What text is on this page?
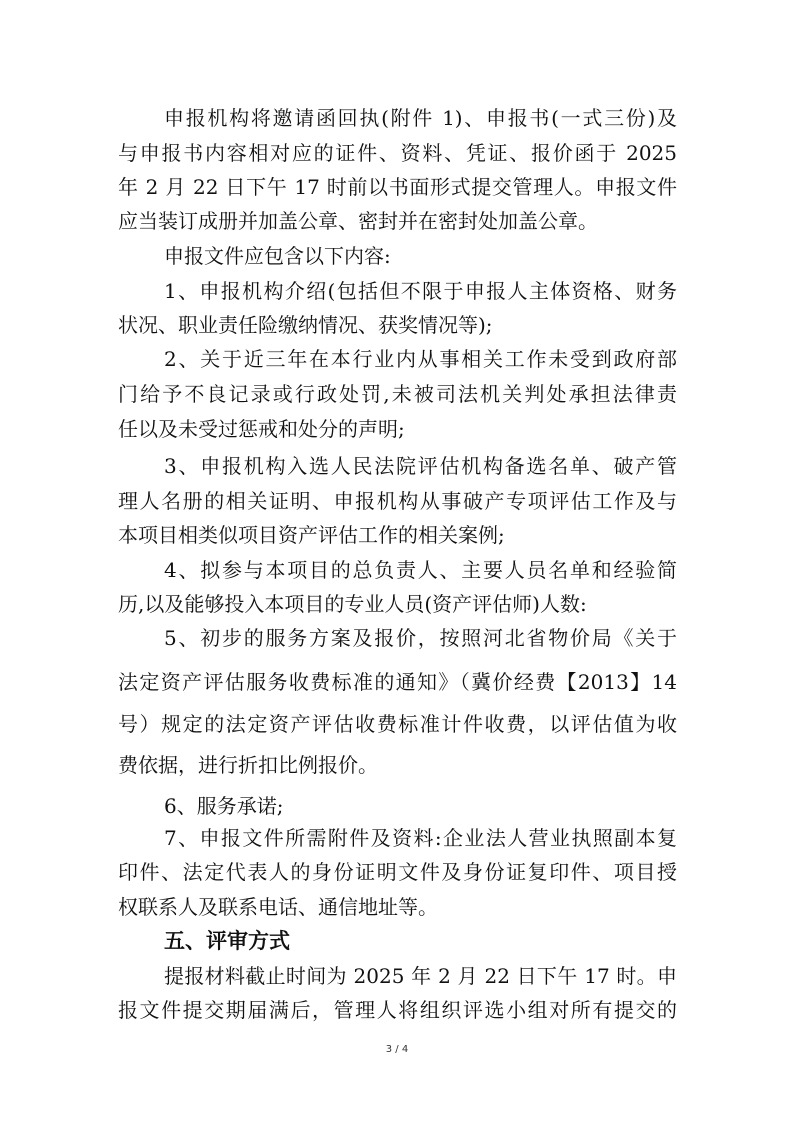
申报机构将邀请函回执(附件 1)、申报书(一式三份)及
与申报书内容相对应的证件、资料、凭证、报价函于 2025
年 2 月 22 日下午 17 时前以书面形式提交管理人。申报文件
应当装订成册并加盖公章、密封并在密封处加盖公章。
申报文件应包含以下内容:
1、申报机构介绍(包括但不限于申报人主体资格、财务
状况、职业责任险缴纳情况、获奖情况等);
2、关于近三年在本行业内从事相关工作未受到政府部
门给予不良记录或行政处罚,未被司法机关判处承担法律责
任以及未受过惩戒和处分的声明;
3、申报机构入选人民法院评估机构备选名单、破产管
理人名册的相关证明、申报机构从事破产专项评估工作及与
本项目相类似项目资产评估工作的相关案例;
4、拟参与本项目的总负责人、主要人员名单和经验简
历,以及能够投入本项目的专业人员(资产评估师)人数:
5、初步的服务方案及报价，按照河北省物价局《关于
法定资产评估服务收费标准的通知》（冀价经费【2013】14
号）规定的法定资产评估收费标准计件收费，以评估值为收
费依据，进行折扣比例报价。
6、服务承诺;
7、申报文件所需附件及资料:企业法人营业执照副本复
印件、法定代表人的身份证明文件及身份证复印件、项目授
权联系人及联系电话、通信地址等。
五、评审方式
提报材料截止时间为 2025 年 2 月 22 日下午 17 时。申
报文件提交期届满后，管理人将组织评选小组对所有提交的
3 / 4
